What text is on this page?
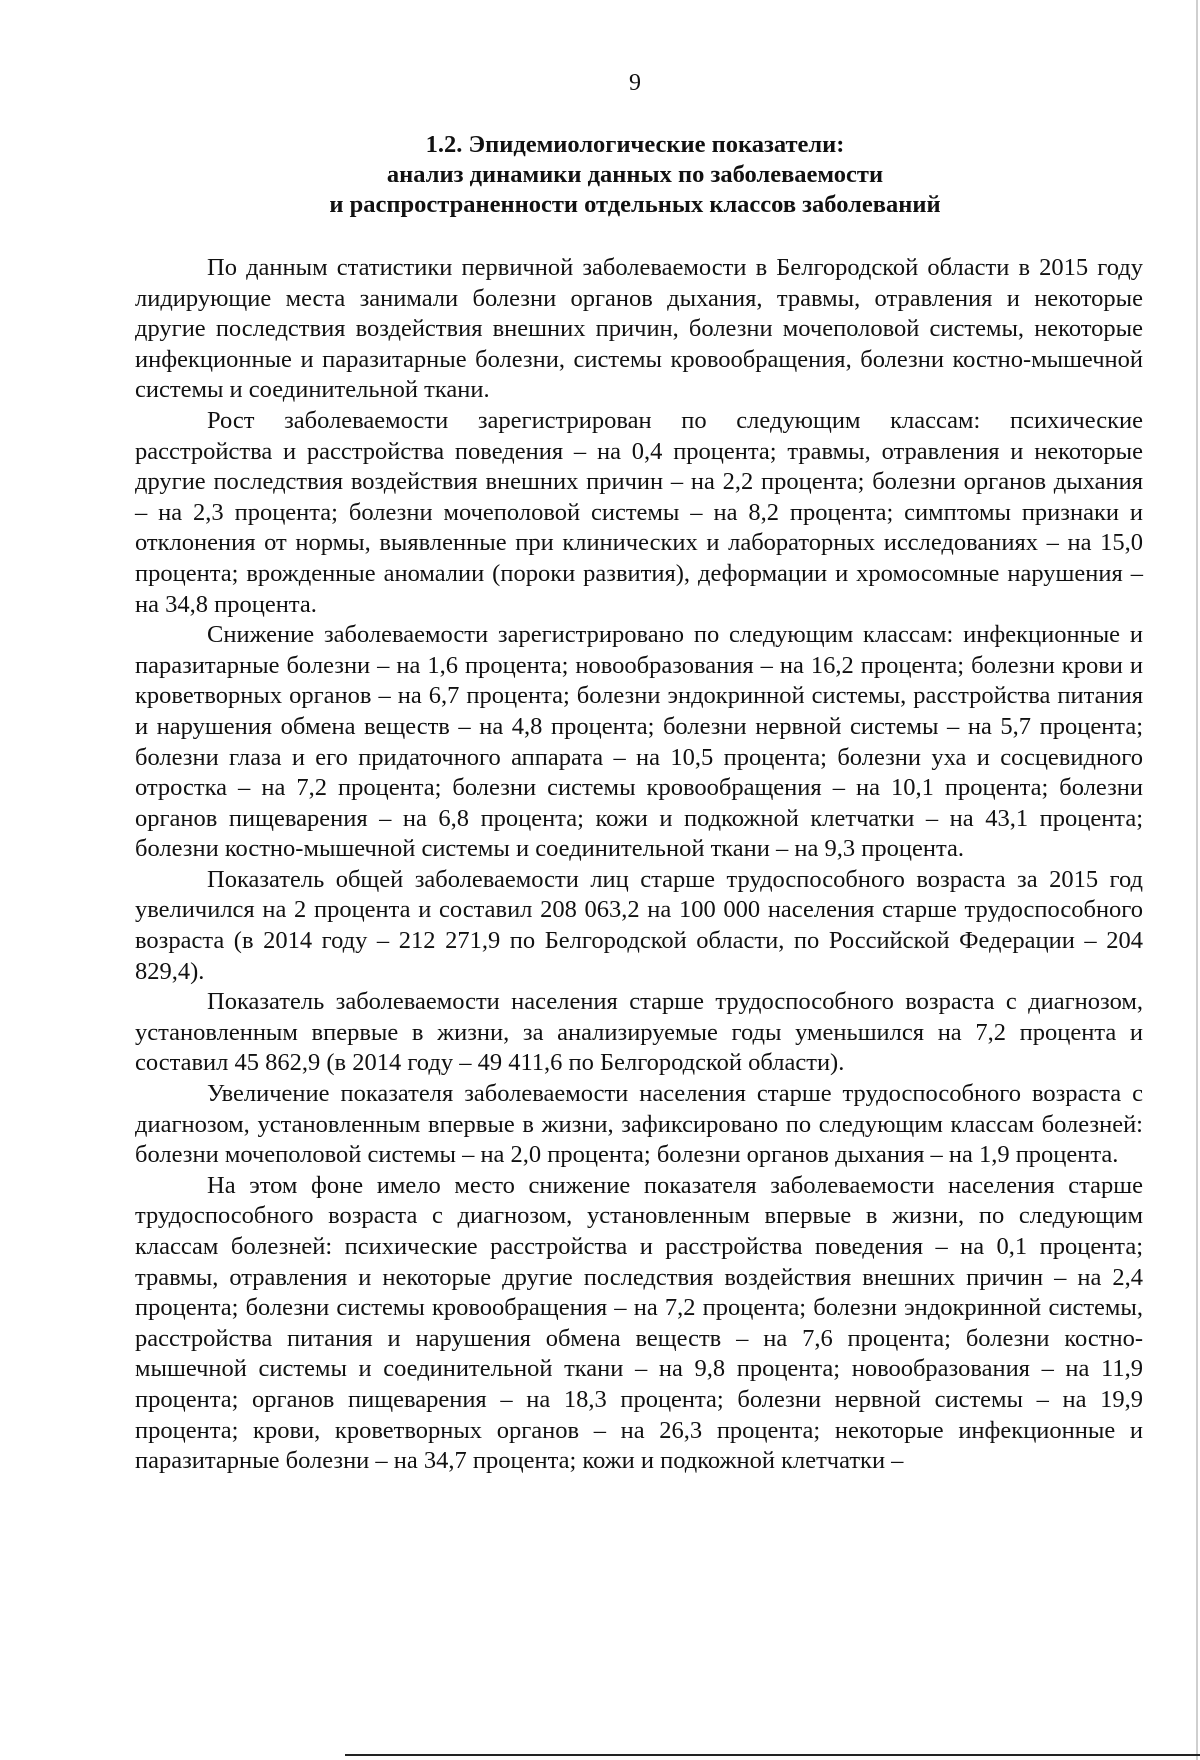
9
1.2. Эпидемиологические показатели:
анализ динамики данных по заболеваемости
и распространенности отдельных классов заболеваний

По данным статистики первичной заболеваемости в Белгородской области в 2015 году лидирующие места занимали болезни органов дыхания, травмы, отравления и некоторые другие последствия воздействия внешних причин, болезни мочеполовой системы, некоторые инфекционные и паразитарные болезни, системы кровообращения, болезни костно-мышечной системы и соединительной ткани.

Рост заболеваемости зарегистрирован по следующим классам: психические расстройства и расстройства поведения – на 0,4 процента; травмы, отравления и некоторые другие последствия воздействия внешних причин – на 2,2 процента; болезни органов дыхания – на 2,3 процента; болезни мочеполовой системы – на 8,2 процента; симптомы признаки и отклонения от нормы, выявленные при клинических и лабораторных исследованиях – на 15,0 процента; врожденные аномалии (пороки развития), деформации и хромосомные нарушения – на 34,8 процента.

Снижение заболеваемости зарегистрировано по следующим классам: инфекционные и паразитарные болезни – на 1,6 процента; новообразования – на 16,2 процента; болезни крови и кроветворных органов – на 6,7 процента; болезни эндокринной системы, расстройства питания и нарушения обмена веществ – на 4,8 процента; болезни нервной системы – на 5,7 процента; болезни глаза и его придаточного аппарата – на 10,5 процента; болезни уха и сосцевидного отростка – на 7,2 процента; болезни системы кровообращения – на 10,1 процента; болезни органов пищеварения – на 6,8 процента; кожи и подкожной клетчатки – на 43,1 процента; болезни костно-мышечной системы и соединительной ткани – на 9,3 процента.

Показатель общей заболеваемости лиц старше трудоспособного возраста за 2015 год увеличился на 2 процента и составил 208 063,2 на 100 000 населения старше трудоспособного возраста (в 2014 году – 212 271,9 по Белгородской области, по Российской Федерации – 204 829,4).

Показатель заболеваемости населения старше трудоспособного возраста с диагнозом, установленным впервые в жизни, за анализируемые годы уменьшился на 7,2 процента и составил 45 862,9 (в 2014 году – 49 411,6 по Белгородской области).

Увеличение показателя заболеваемости населения старше трудоспособного возраста с диагнозом, установленным впервые в жизни, зафиксировано по следующим классам болезней: болезни мочеполовой системы – на 2,0 процента; болезни органов дыхания – на 1,9 процента.

На этом фоне имело место снижение показателя заболеваемости населения старше трудоспособного возраста с диагнозом, установленным впервые в жизни, по следующим классам болезней: психические расстройства и расстройства поведения – на 0,1 процента; травмы, отравления и некоторые другие последствия воздействия внешних причин – на 2,4 процента; болезни системы кровообращения – на 7,2 процента; болезни эндокринной системы, расстройства питания и нарушения обмена веществ – на 7,6 процента; болезни костно-мышечной системы и соединительной ткани – на 9,8 процента; новообразования – на 11,9 процента; органов пищеварения – на 18,3 процента; болезни нервной системы – на 19,9 процента; крови, кроветворных органов – на 26,3 процента; некоторые инфекционные и паразитарные болезни – на 34,7 процента; кожи и подкожной клетчатки –
